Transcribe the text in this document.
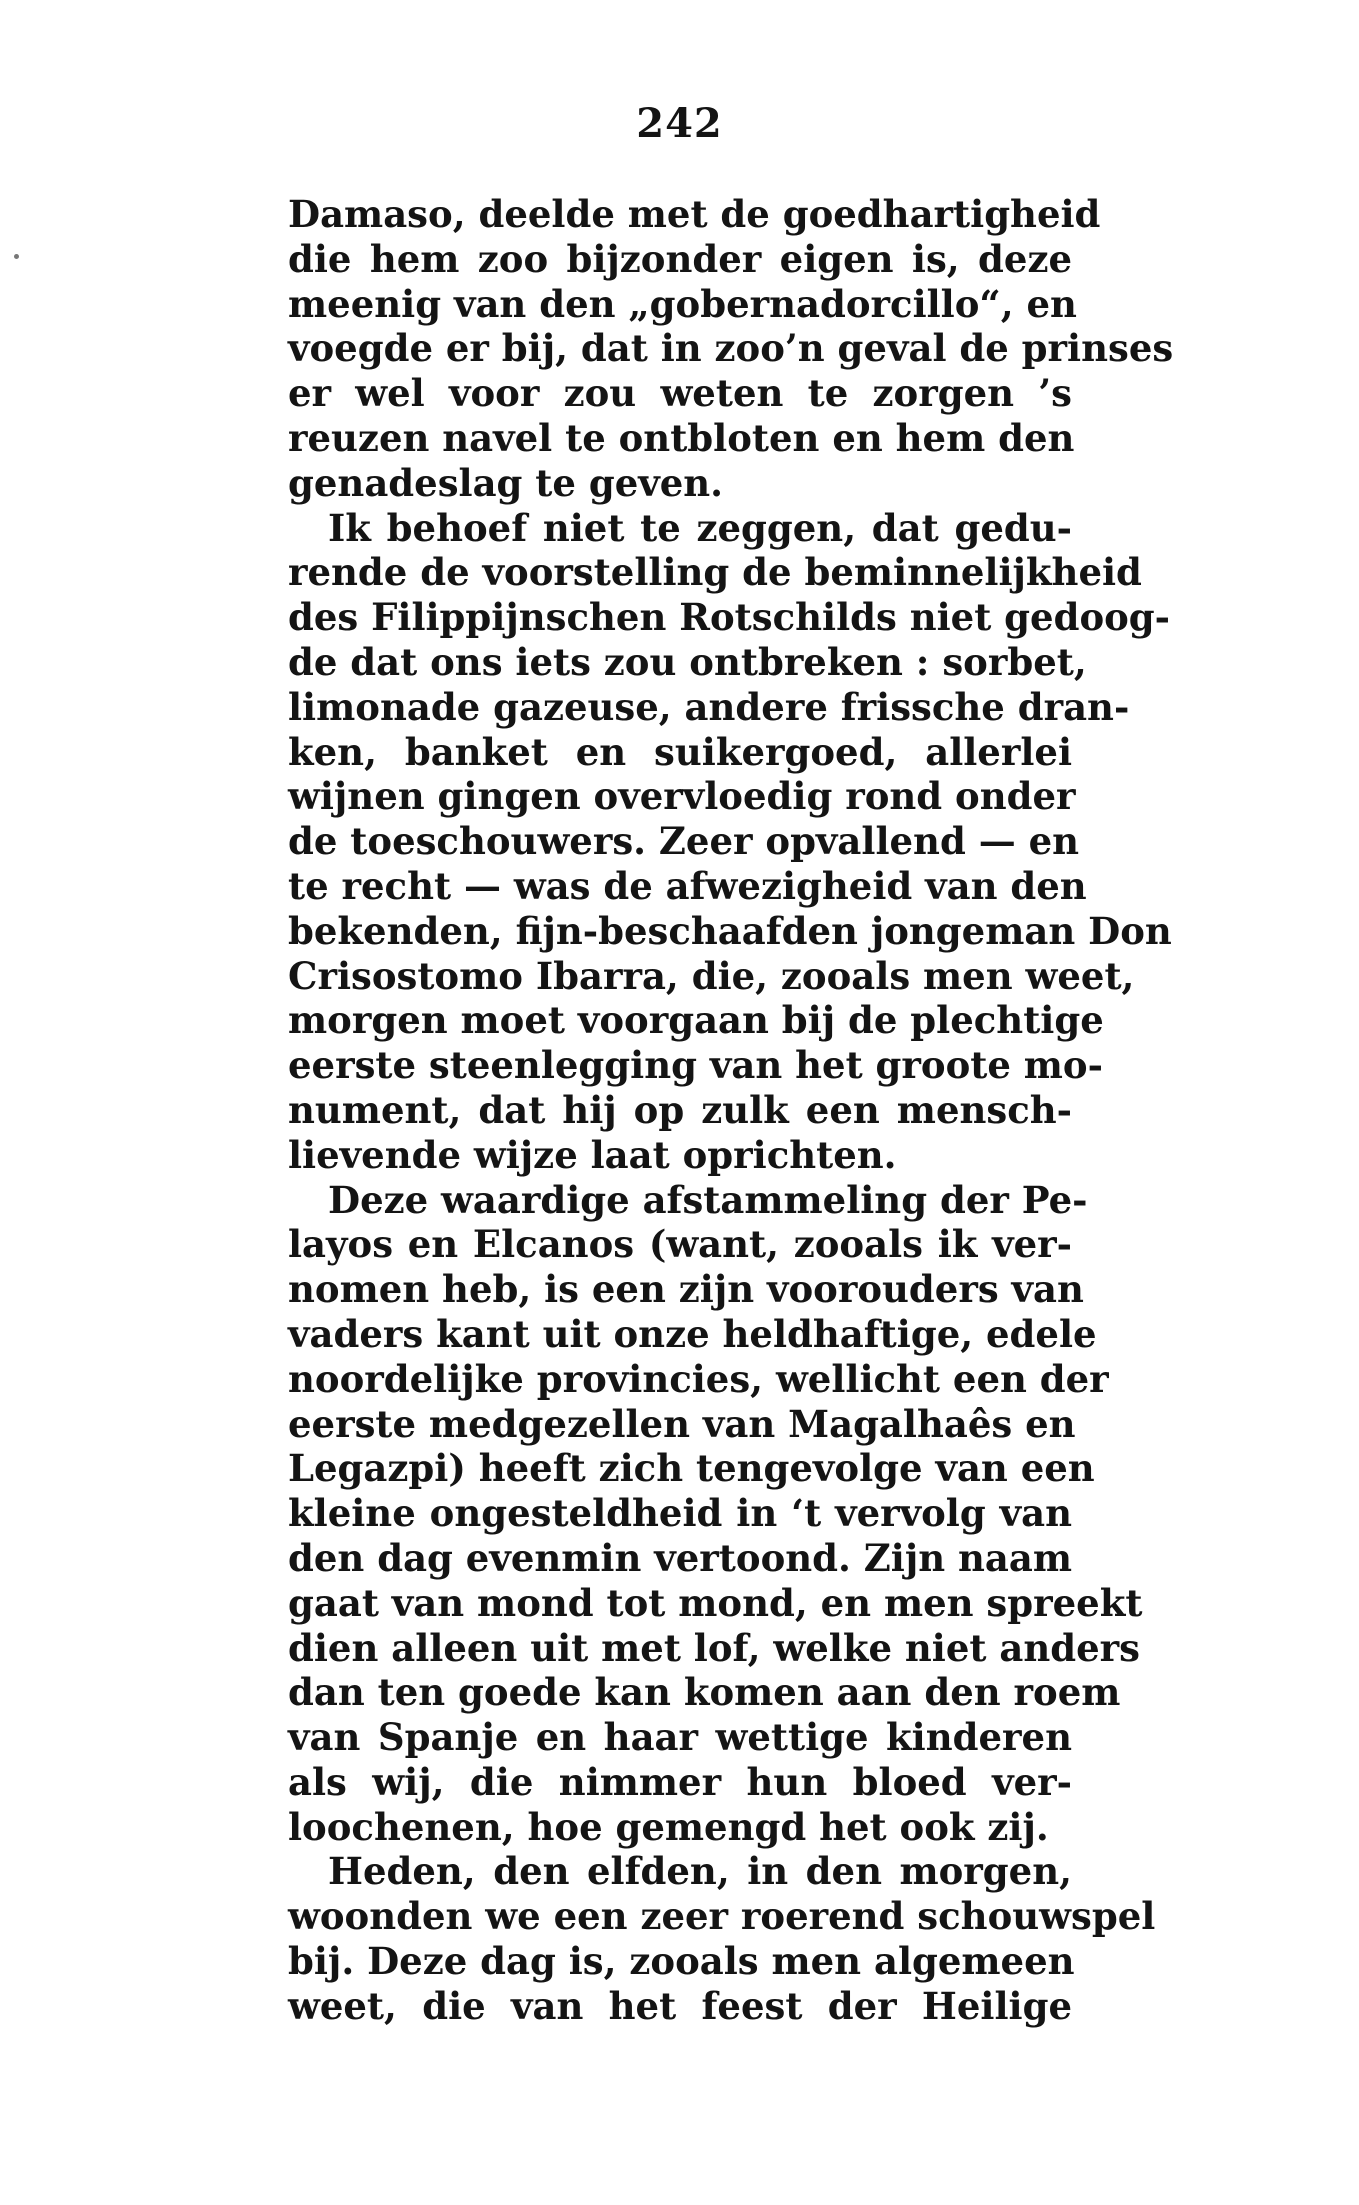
242
Damaso, deelde met de goedhartigheid
die hem zoo bijzonder eigen is, deze
meenig van den „gobernadorcillo“, en
voegde er bij, dat in zoo’n geval de prinses
er wel voor zou weten te zorgen ’s
reuzen navel te ontbloten en hem den
genadeslag te geven.
Ik behoef niet te zeggen, dat gedu-
rende de voorstelling de beminnelijkheid
des Filippijnschen Rotschilds niet gedoog-
de dat ons iets zou ontbreken : sorbet,
limonade gazeuse, andere frissche dran-
ken, banket en suikergoed, allerlei
wijnen gingen overvloedig rond onder
de toeschouwers. Zeer opvallend — en
te recht — was de afwezigheid van den
bekenden, fijn-beschaafden jongeman Don
Crisostomo Ibarra, die, zooals men weet,
morgen moet voorgaan bij de plechtige
eerste steenlegging van het groote mo-
nument, dat hij op zulk een mensch-
lievende wijze laat oprichten.
Deze waardige afstammeling der Pe-
layos en Elcanos (want, zooals ik ver-
nomen heb, is een zijn voorouders van
vaders kant uit onze heldhaftige, edele
noordelijke provincies, wellicht een der
eerste medgezellen van Magalhaês en
Legazpi) heeft zich tengevolge van een
kleine ongesteldheid in ‘t vervolg van
den dag evenmin vertoond. Zijn naam
gaat van mond tot mond, en men spreekt
dien alleen uit met lof, welke niet anders
dan ten goede kan komen aan den roem
van Spanje en haar wettige kinderen
als wij, die nimmer hun bloed ver-
loochenen, hoe gemengd het ook zij.
Heden, den elfden, in den morgen,
woonden we een zeer roerend schouwspel
bij. Deze dag is, zooals men algemeen
weet, die van het feest der Heilige
